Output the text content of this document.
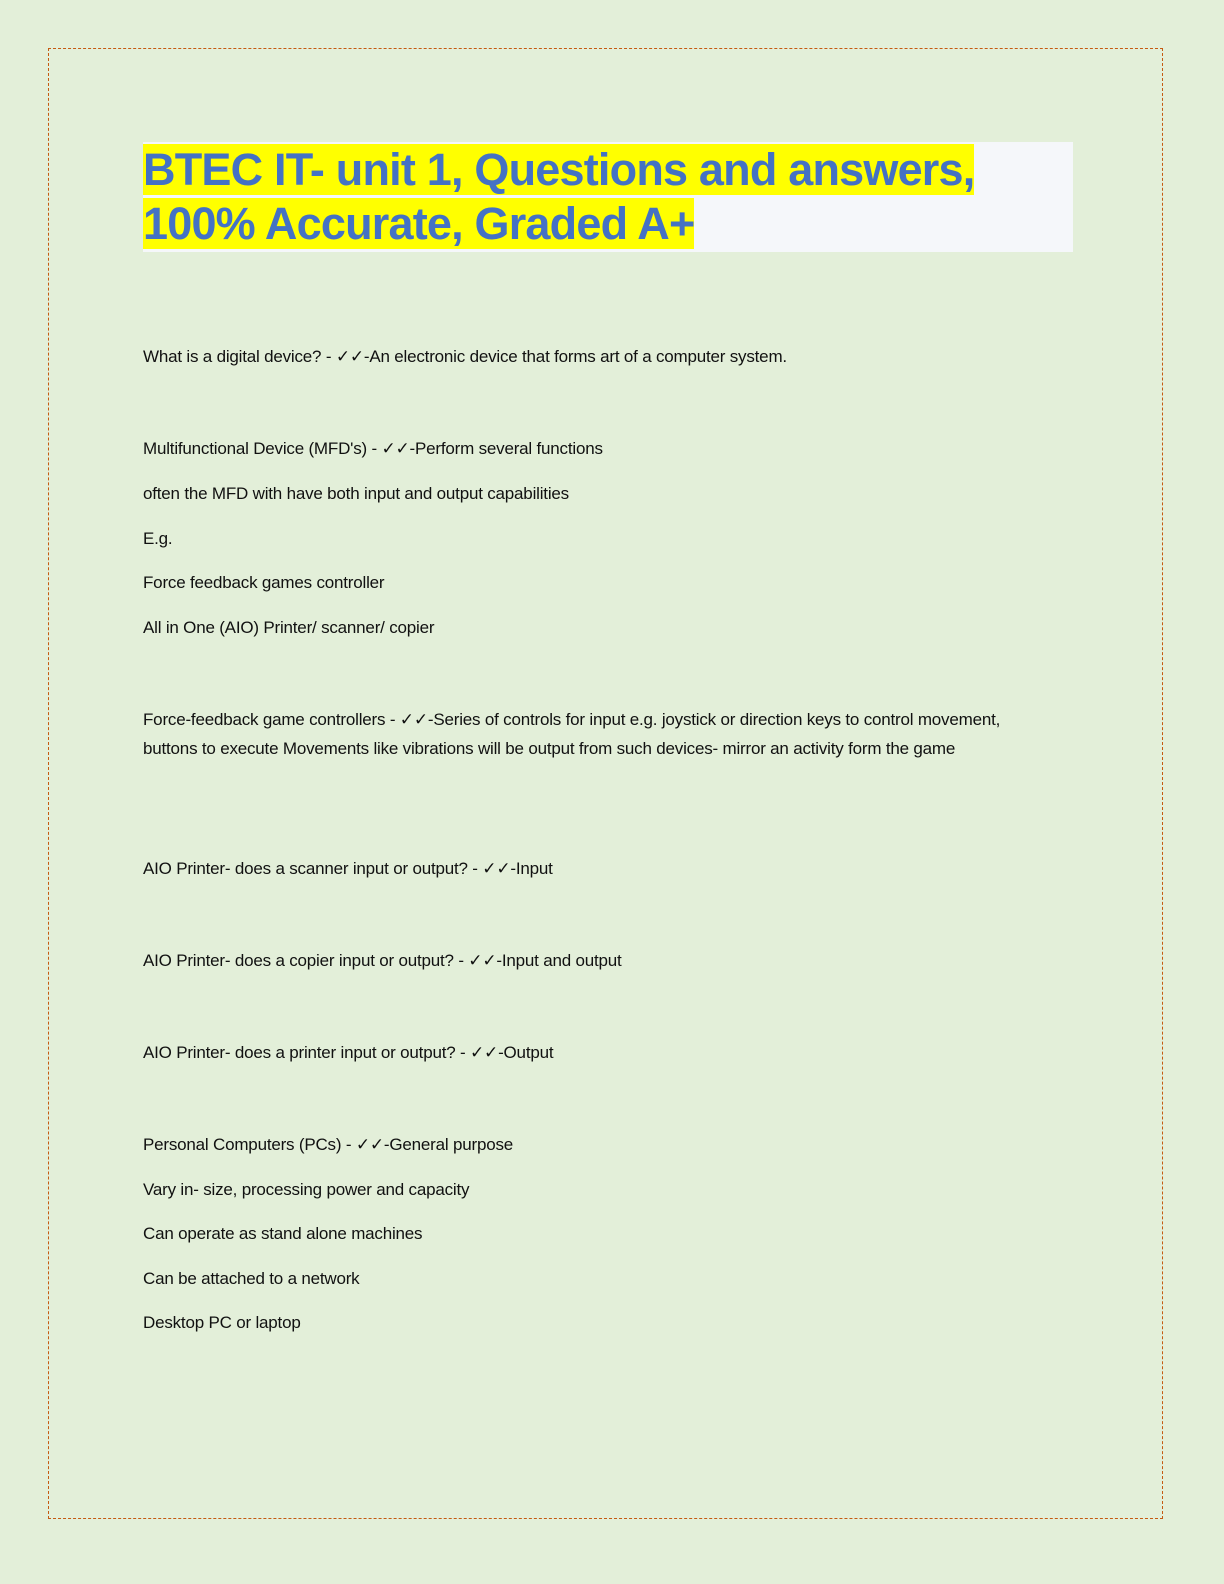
BTEC IT- unit 1, Questions and answers,
100% Accurate, Graded A+

What is a digital device? - ✓✓-An electronic device that forms art of a computer system.

Multifunctional Device (MFD's) - ✓✓-Perform several functions

often the MFD with have both input and output capabilities

E.g.

Force feedback games controller

All in One (AIO) Printer/ scanner/ copier

Force-feedback game controllers - ✓✓-Series of controls for input e.g. joystick or direction keys to control movement, buttons to execute Movements like vibrations will be output from such devices- mirror an activity form the game

AIO Printer- does a scanner input or output? - ✓✓-Input

AIO Printer- does a copier input or output? - ✓✓-Input and output

AIO Printer- does a printer input or output? - ✓✓-Output

Personal Computers (PCs) - ✓✓-General purpose

Vary in- size, processing power and capacity

Can operate as stand alone machines

Can be attached to a network

Desktop PC or laptop
